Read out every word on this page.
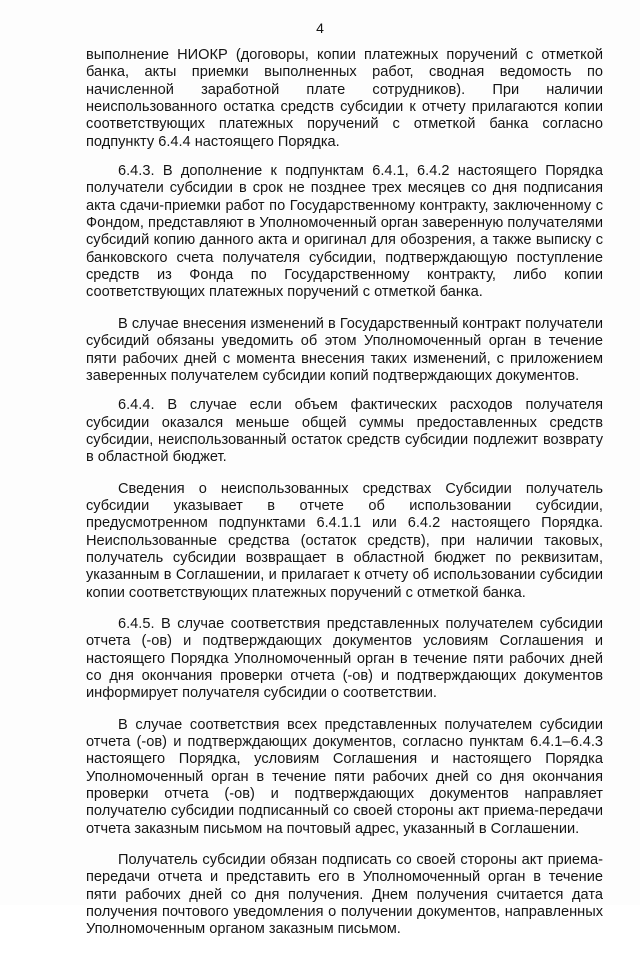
4

выполнение НИОКР (договоры, копии платежных поручений с отметкой банка, акты приемки выполненных работ, сводная ведомость по начисленной заработной плате сотрудников). При наличии неиспользованного остатка средств субсидии к отчету прилагаются копии соответствующих платежных поручений с отметкой банка согласно подпункту 6.4.4 настоящего Порядка.

6.4.3. В дополнение к подпунктам 6.4.1, 6.4.2 настоящего Порядка получатели субсидии в срок не позднее трех месяцев со дня подписания акта сдачи-приемки работ по Государственному контракту, заключенному с Фондом, представляют в Уполномоченный орган заверенную получателями субсидий копию данного акта и оригинал для обозрения, а также выписку с банковского счета получателя субсидии, подтверждающую поступление средств из Фонда по Государственному контракту, либо копии соответствующих платежных поручений с отметкой банка.

В случае внесения изменений в Государственный контракт получатели субсидий обязаны уведомить об этом Уполномоченный орган в течение пяти рабочих дней с момента внесения таких изменений, с приложением заверенных получателем субсидии копий подтверждающих документов.

6.4.4. В случае если объем фактических расходов получателя субсидии оказался меньше общей суммы предоставленных средств субсидии, неиспользованный остаток средств субсидии подлежит возврату в областной бюджет.

Сведения о неиспользованных средствах Субсидии получатель субсидии указывает в отчете об использовании субсидии, предусмотренном подпунктами 6.4.1.1 или 6.4.2 настоящего Порядка. Неиспользованные средства (остаток средств), при наличии таковых, получатель субсидии возвращает в областной бюджет по реквизитам, указанным в Соглашении, и прилагает к отчету об использовании субсидии копии соответствующих платежных поручений с отметкой банка.

6.4.5. В случае соответствия представленных получателем субсидии отчета (-ов) и подтверждающих документов условиям Соглашения и настоящего Порядка Уполномоченный орган в течение пяти рабочих дней со дня окончания проверки отчета (-ов) и подтверждающих документов информирует получателя субсидии о соответствии.

В случае соответствия всех представленных получателем субсидии отчета (-ов) и подтверждающих документов, согласно пунктам 6.4.1–6.4.3 настоящего Порядка, условиям Соглашения и настоящего Порядка Уполномоченный орган в течение пяти рабочих дней со дня окончания проверки отчета (-ов) и подтверждающих документов направляет получателю субсидии подписанный со своей стороны акт приема-передачи отчета заказным письмом на почтовый адрес, указанный в Соглашении.

Получатель субсидии обязан подписать со своей стороны акт приема-передачи отчета и представить его в Уполномоченный орган в течение пяти рабочих дней со дня получения. Днем получения считается дата получения почтового уведомления о получении документов, направленных Уполномоченным органом заказным письмом.
